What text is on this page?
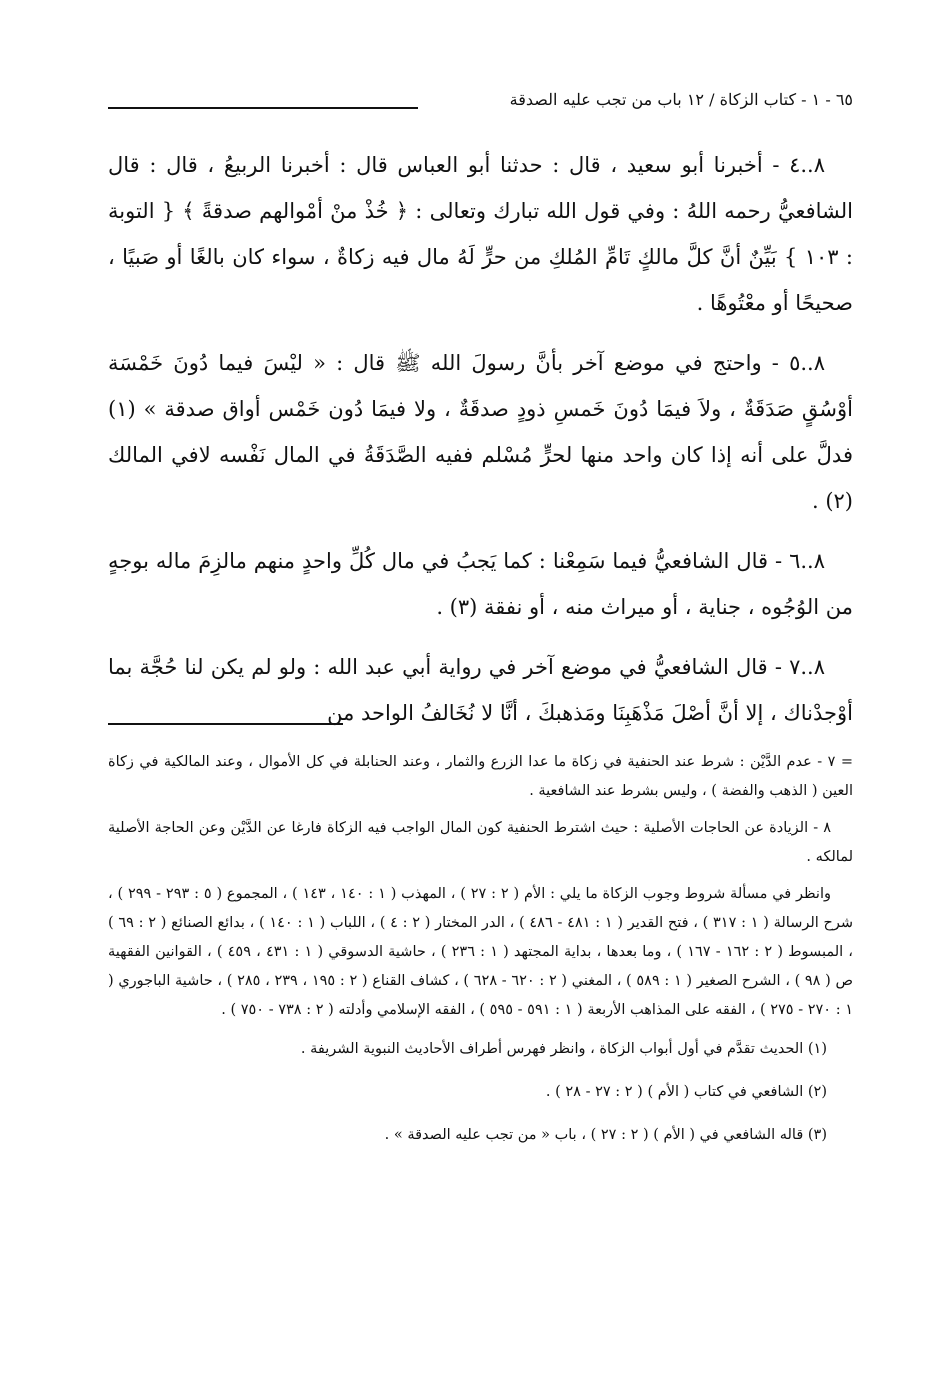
٦٥ - ١ - كتاب الزكاة / ١٢ باب من تجب عليه الصدقة

٨..٤ - أخبرنا أبو سعيد ، قال : حدثنا أبو العباس قال : أخبرنا الربيعُ ، قال : قال الشافعيُّ رحمه اللهُ : وفي قول الله تبارك وتعالى : ﴿ خُذْ منْ أمْوالهم صدقةً ﴾ { التوبة : ١٠٣ } بَيِّنٌ أنَّ كلَّ مالكٍ تَامِّ المُلكِ من حرٍّ لَهُ مال فيه زكاةٌ ، سواء كان بالغًا أو صَبيًا ، صحيحًا أو معْتُوهًا .

٨..٥ - واحتج في موضع آخر بأنَّ رسولَ الله ﷺ قال : « ليْسَ فيما دُونَ خَمْسَة أوْسُقٍ صَدَقَةٌ ، ولاَ فيمَا دُونَ خَمسِ ذودٍ صدقَةٌ ، ولا فيمَا دُون خَمْس أواق صدقة » (١) فدلَّ على أنه إذا كان واحد منها لحرٍّ مُسْلم ففيه الصَّدَقَةُ في المال نَفْسه لافي المالك (٢) .

٨..٦ - قال الشافعيُّ فيما سَمِعْنا : كما يَجبُ في مال كُلِّ واحدٍ منهم مالزِمَ ماله بوجهٍ من الوُجُوه ، جناية ، أو ميراث منه ، أو نفقة (٣) .

٨..٧ - قال الشافعيُّ في موضع آخر في رواية أبي عبد الله : ولو لم يكن لنا حُجَّة بما أوْجدْناك ، إلا أنَّ أصْلَ مَذْهَبِنَا ومَذهبكَ ، أنَّا لا نُخَالفُ الواحد من

= ٧ - عدم الدَّيْن : شرط عند الحنفية في زكاة ما عدا الزرع والثمار ، وعند الحنابلة في كل الأموال ، وعند المالكية في زكاة العين ( الذهب والفضة ) ، وليس بشرط عند الشافعية .

٨ - الزيادة عن الحاجات الأصلية : حيث اشترط الحنفية كون المال الواجب فيه الزكاة فارغا عن الدَّيْن وعن الحاجة الأصلية لمالكه .

وانظر في مسألة شروط وجوب الزكاة ما يلي : الأم ( ٢ : ٢٧ ) ، المهذب ( ١ : ١٤٠ ، ١٤٣ ) ، المجموع ( ٥ : ٢٩٣ - ٢٩٩ ) ، شرح الرسالة ( ١ : ٣١٧ ) ، فتح القدير ( ١ : ٤٨١ - ٤٨٦ ) ، الدر المختار ( ٢ : ٤ ) ، اللباب ( ١ : ١٤٠ ) ، بدائع الصنائع ( ٢ : ٦٩ ) ، المبسوط ( ٢ : ١٦٢ - ١٦٧ ) ، وما بعدها ، بداية المجتهد ( ١ : ٢٣٦ ) ، حاشية الدسوقي ( ١ : ٤٣١ ، ٤٥٩ ) ، القوانين الفقهية ص ( ٩٨ ) ، الشرح الصغير ( ١ : ٥٨٩ ) ، المغني ( ٢ : ٦٢٠ - ٦٢٨ ) ، كشاف القناع ( ٢ : ١٩٥ ، ٢٣٩ ، ٢٨٥ ) ، حاشية الباجوري ( ١ : ٢٧٠ - ٢٧٥ ) ، الفقه على المذاهب الأربعة ( ١ : ٥٩١ - ٥٩٥ ) ، الفقه الإسلامي وأدلته ( ٢ : ٧٣٨ - ٧٥٠ ) .

(١) الحديث تقدَّم في أول أبواب الزكاة ، وانظر فهرس أطراف الأحاديث النبوية الشريفة .

(٢) الشافعي في كتاب ( الأم ) ( ٢ : ٢٧ - ٢٨ ) .

(٣) قاله الشافعي في ( الأم ) ( ٢ : ٢٧ ) ، باب « من تجب عليه الصدقة » .
